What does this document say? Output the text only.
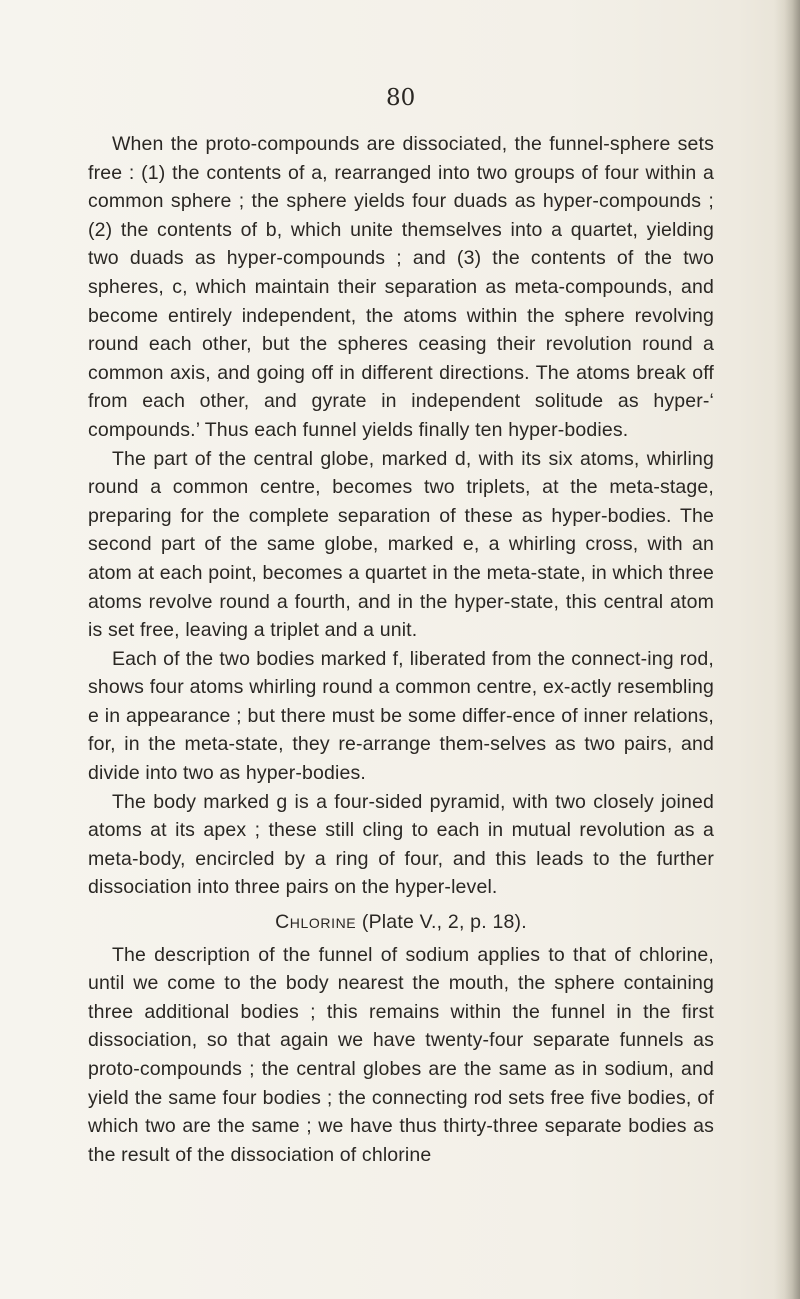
80

When the proto-compounds are dissociated, the funnel-sphere sets free : (1) the contents of a, rearranged into two groups of four within a common sphere ; the sphere yields four duads as hyper-compounds ; (2) the contents of b, which unite themselves into a quartet, yielding two duads as hyper-compounds ; and (3) the contents of the two spheres, c, which maintain their separation as meta-compounds, and become entirely independent, the atoms within the sphere revolving round each other, but the spheres ceasing their revolution round a common axis, and going off in different directions. The atoms break off from each other, and gyrate in independent solitude as hyper-‘ compounds.’ Thus each funnel yields finally ten hyper-bodies.

The part of the central globe, marked d, with its six atoms, whirling round a common centre, becomes two triplets, at the meta-stage, preparing for the complete separation of these as hyper-bodies. The second part of the same globe, marked e, a whirling cross, with an atom at each point, becomes a quartet in the meta-state, in which three atoms revolve round a fourth, and in the hyper-state, this central atom is set free, leaving a triplet and a unit.

Each of the two bodies marked f, liberated from the connect-ing rod, shows four atoms whirling round a common centre, ex-actly resembling e in appearance ; but there must be some differ-ence of inner relations, for, in the meta-state, they re-arrange them-selves as two pairs, and divide into two as hyper-bodies.

The body marked g is a four-sided pyramid, with two closely joined atoms at its apex ; these still cling to each in mutual revolution as a meta-body, encircled by a ring of four, and this leads to the further dissociation into three pairs on the hyper-level.

Chlorine (Plate V., 2, p. 18).

The description of the funnel of sodium applies to that of chlorine, until we come to the body nearest the mouth, the sphere containing three additional bodies ; this remains within the funnel in the first dissociation, so that again we have twenty-four separate funnels as proto-compounds ; the central globes are the same as in sodium, and yield the same four bodies ; the connecting rod sets free five bodies, of which two are the same ; we have thus thirty-three separate bodies as the result of the dissociation of chlorine
